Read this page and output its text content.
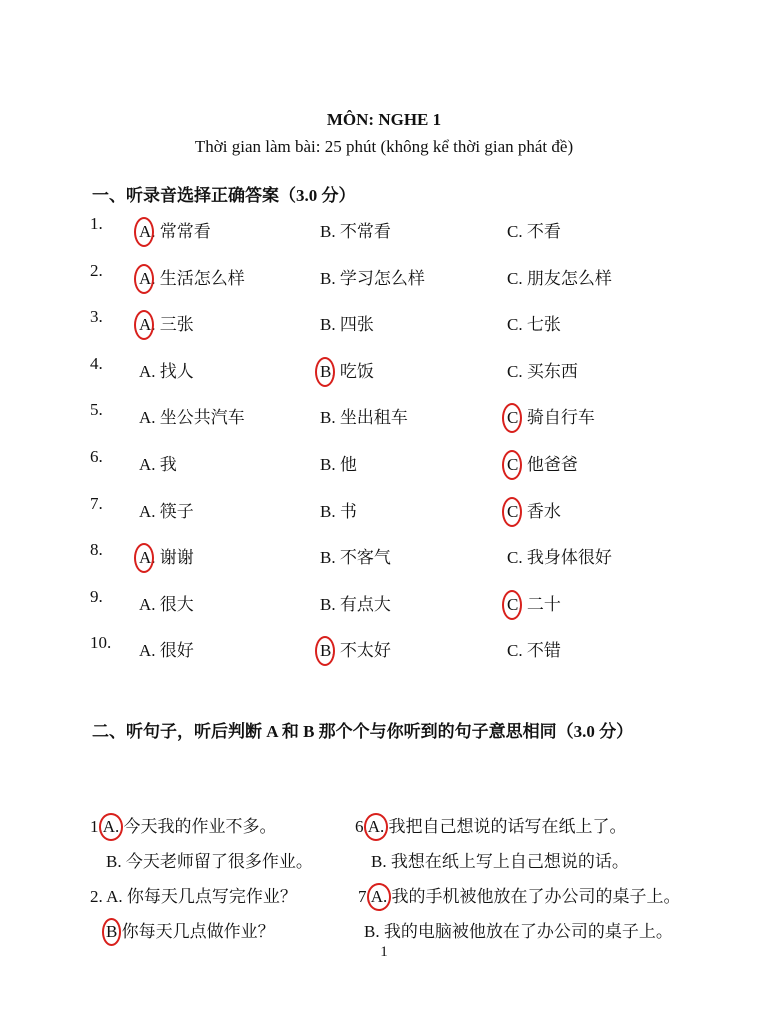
MÔN: NGHE 1
Thời gian làm bài: 25 phút (không kể thời gian phát đề)
一、听录音选择正确答案（3.0 分）
1. A. 常常看	B. 不常看	C. 不看
2. A. 生活怎么样	B. 学习怎么样	C. 朋友怎么样
3. A. 三张	B. 四张	C. 七张
4. A. 找人	B. 吃饭	C. 买东西
5. A. 坐公共汽车	B. 坐出租车	C. 骑自行车
6. A. 我	B. 他	C. 他爸爸
7. A. 筷子	B. 书	C. 香水
8. A. 谢谢	B. 不客气	C. 我身体很好
9. A. 很大	B. 有点大	C. 二十
10. A. 很好	B. 不太好	C. 不错
二、听句子，听后判断 A 和 B 那个个与你听到的句子意思相同（3.0 分）
1.A. 今天我的作业不多。
B. 今天老师留了很多作业。
2. A. 你每天几点写完作业？
B 你每天几点做作业？
6.A. 我把自己想说的话写在纸上了。
B. 我想在纸上写上自己想说的话。
7.A. 我的手机被他放在了办公司的桌子上。
B. 我的电脑被他放在了办公司的桌子上。
1
